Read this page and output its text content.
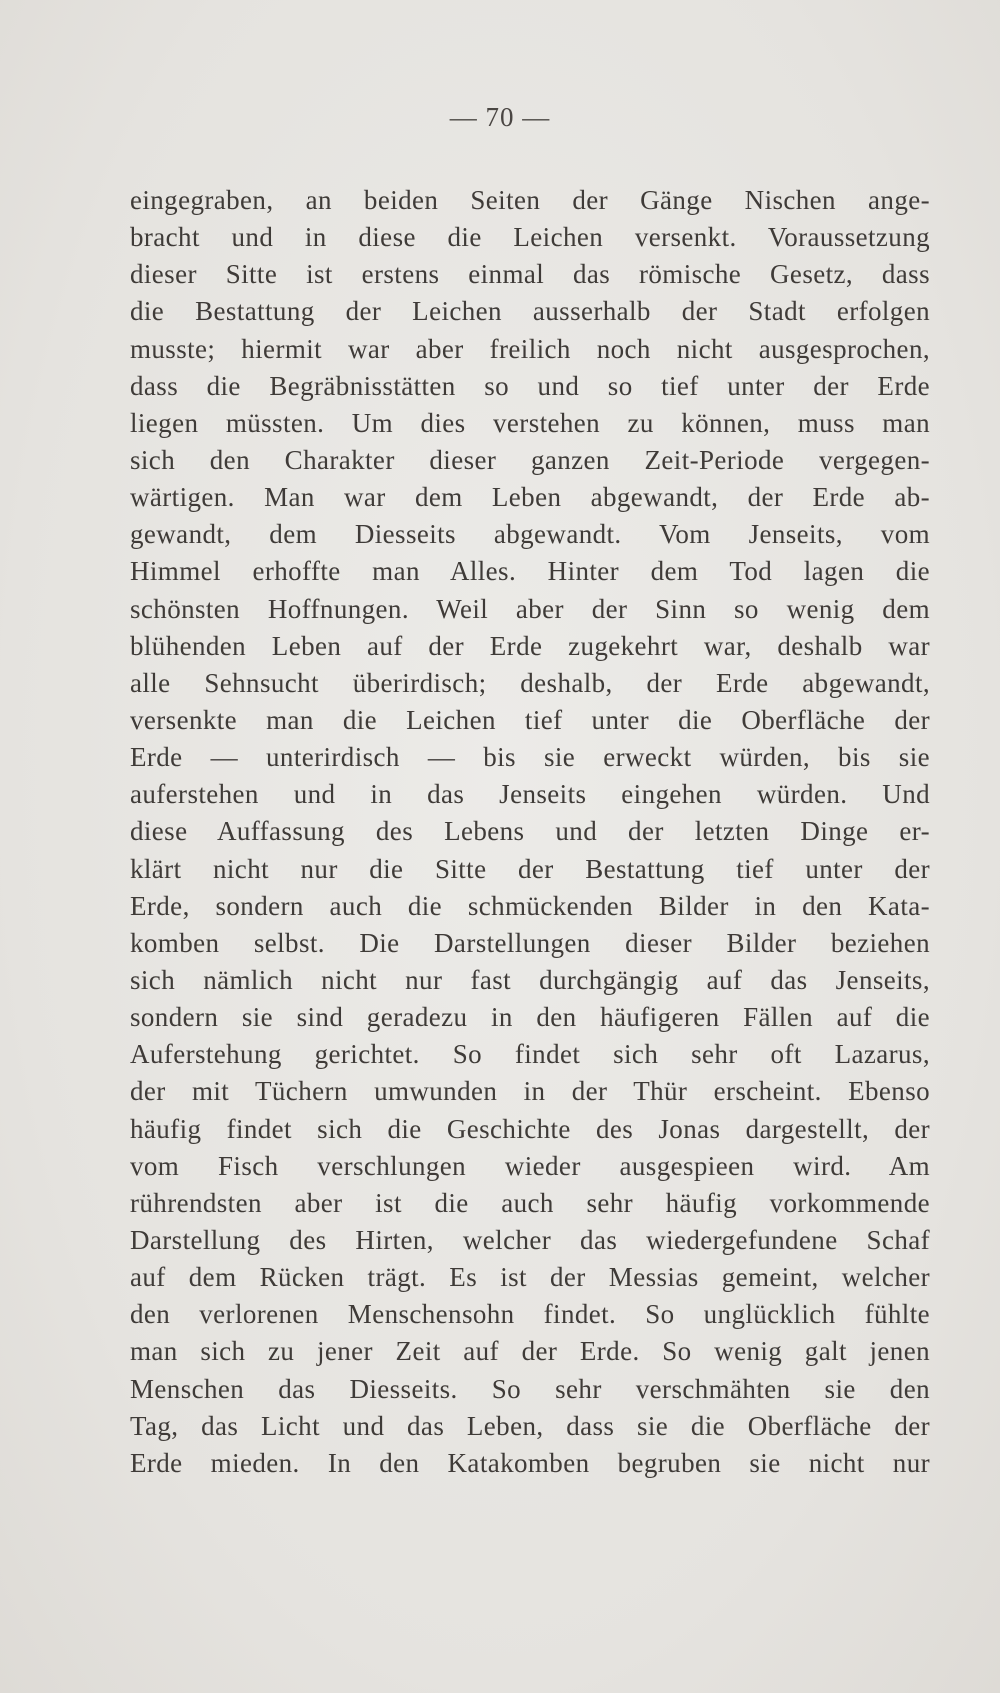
— 70 —
eingegraben, an beiden Seiten der Gänge Nischen ange-
bracht und in diese die Leichen versenkt. Voraussetzung
dieser Sitte ist erstens einmal das römische Gesetz, dass
die Bestattung der Leichen ausserhalb der Stadt erfolgen
musste; hiermit war aber freilich noch nicht ausgesprochen,
dass die Begräbnisstätten so und so tief unter der Erde
liegen müssten. Um dies verstehen zu können, muss man
sich den Charakter dieser ganzen Zeit-Periode vergegen-
wärtigen. Man war dem Leben abgewandt, der Erde ab-
gewandt, dem Diesseits abgewandt. Vom Jenseits, vom
Himmel erhoffte man Alles. Hinter dem Tod lagen die
schönsten Hoffnungen. Weil aber der Sinn so wenig dem
blühenden Leben auf der Erde zugekehrt war, deshalb war
alle Sehnsucht überirdisch; deshalb, der Erde abgewandt,
versenkte man die Leichen tief unter die Oberfläche der
Erde — unterirdisch — bis sie erweckt würden, bis sie
auferstehen und in das Jenseits eingehen würden. Und
diese Auffassung des Lebens und der letzten Dinge er-
klärt nicht nur die Sitte der Bestattung tief unter der
Erde, sondern auch die schmückenden Bilder in den Kata-
komben selbst. Die Darstellungen dieser Bilder beziehen
sich nämlich nicht nur fast durchgängig auf das Jenseits,
sondern sie sind geradezu in den häufigeren Fällen auf die
Auferstehung gerichtet. So findet sich sehr oft Lazarus,
der mit Tüchern umwunden in der Thür erscheint. Ebenso
häufig findet sich die Geschichte des Jonas dargestellt, der
vom Fisch verschlungen wieder ausgespieen wird. Am
rührendsten aber ist die auch sehr häufig vorkommende
Darstellung des Hirten, welcher das wiedergefundene Schaf
auf dem Rücken trägt. Es ist der Messias gemeint, welcher
den verlorenen Menschensohn findet. So unglücklich fühlte
man sich zu jener Zeit auf der Erde. So wenig galt jenen
Menschen das Diesseits. So sehr verschmähten sie den
Tag, das Licht und das Leben, dass sie die Oberfläche der
Erde mieden. In den Katakomben begruben sie nicht nur
